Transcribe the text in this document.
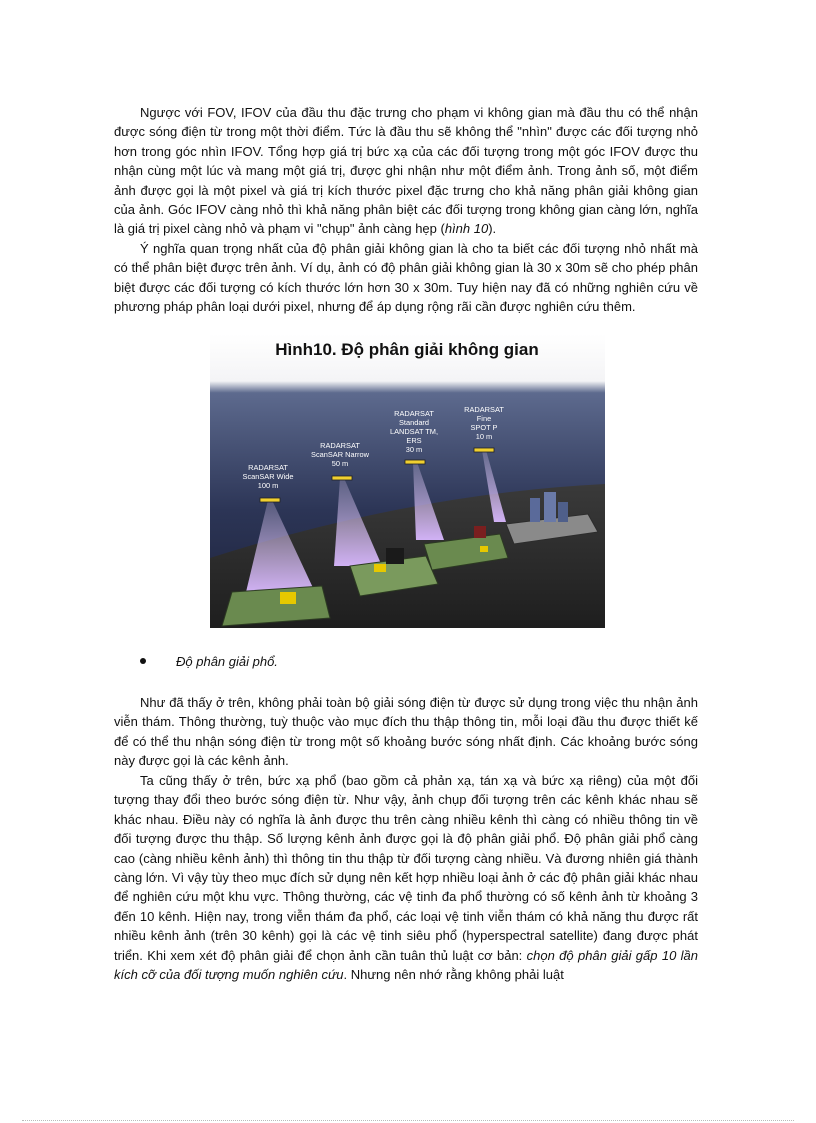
Ngược với FOV, IFOV của đầu thu đặc trưng cho phạm vi không gian mà đầu thu có thể nhận được sóng điện từ trong một thời điểm. Tức là đầu thu sẽ không thể "nhìn" được các đối tượng nhỏ hơn trong góc nhìn IFOV. Tổng hợp giá trị bức xạ của các đối tượng trong một góc IFOV được thu nhận cùng một lúc và mang một giá trị, được ghi nhận như một điểm ảnh. Trong ảnh số, một điểm ảnh được gọi là một pixel và giá trị kích thước pixel đặc trưng cho khả năng phân giải không gian của ảnh. Góc IFOV càng nhỏ thì khả năng phân biệt các đối tượng trong không gian càng lớn, nghĩa là giá trị pixel càng nhỏ và phạm vi "chụp" ảnh càng hẹp (hình 10).

Ý nghĩa quan trọng nhất của độ phân giải không gian là cho ta biết các đối tượng nhỏ nhất mà có thể phân biệt được trên ảnh. Ví dụ, ảnh có độ phân giải không gian là 30 x 30m sẽ cho phép phân biệt được các đối tượng có kích thước lớn hơn 30 x 30m. Tuy hiện nay đã có những nghiên cứu về phương pháp phân loại dưới pixel, nhưng để áp dụng rộng rãi cần được nghiên cứu thêm.

Hình10. Độ phân giải không gian
RADARSAT
ScanSAR Wide
100 m
RADARSAT
ScanSAR Narrow
50 m
RADARSAT
Standard
LANDSAT TM,
ERS
30 m
RADARSAT
Fine
SPOT P
10 m
Độ phân giải phổ.

Như đã thấy ở trên, không phải toàn bộ giải sóng điện từ được sử dụng trong việc thu nhận ảnh viễn thám. Thông thường, tuỳ thuộc vào mục đích thu thập thông tin, mỗi loại đầu thu được thiết kế để có thể thu nhận sóng điện từ trong một số khoảng bước sóng nhất định. Các khoảng bước sóng này được gọi là các kênh ảnh.

Ta cũng thấy ở trên, bức xạ phổ (bao gồm cả phản xạ, tán xạ và bức xạ riêng) của một đối tượng thay đổi theo bước sóng điện từ. Như vậy, ảnh chụp đối tượng trên các kênh khác nhau sẽ khác nhau. Điều này có nghĩa là ảnh được thu trên càng nhiều kênh thì càng có nhiều thông tin về đối tượng được thu thập. Số lượng kênh ảnh được gọi là độ phân giải phổ. Độ phân giải phổ càng cao (càng nhiều kênh ảnh) thì thông tin thu thập từ đối tượng càng nhiều. Và đương nhiên giá thành càng lớn. Vì vậy tùy theo mục đích sử dụng nên kết hợp nhiều loại ảnh ở các độ phân giải khác nhau để nghiên cứu một khu vực. Thông thường, các vệ tinh đa phổ thường có số kênh ảnh từ khoảng 3 đến 10 kênh. Hiện nay, trong viễn thám đa phổ, các loại vệ tinh viễn thám có khả năng thu được rất nhiều kênh ảnh (trên 30 kênh) gọi là các vệ tinh siêu phổ (hyperspectral satellite) đang được phát triển. Khi xem xét độ phân giải để chọn ảnh cần tuân thủ luật cơ bản: chọn độ phân giải gấp 10 lần kích cỡ của đối tượng muốn nghiên cứu. Nhưng nên nhớ rằng không phải luật
